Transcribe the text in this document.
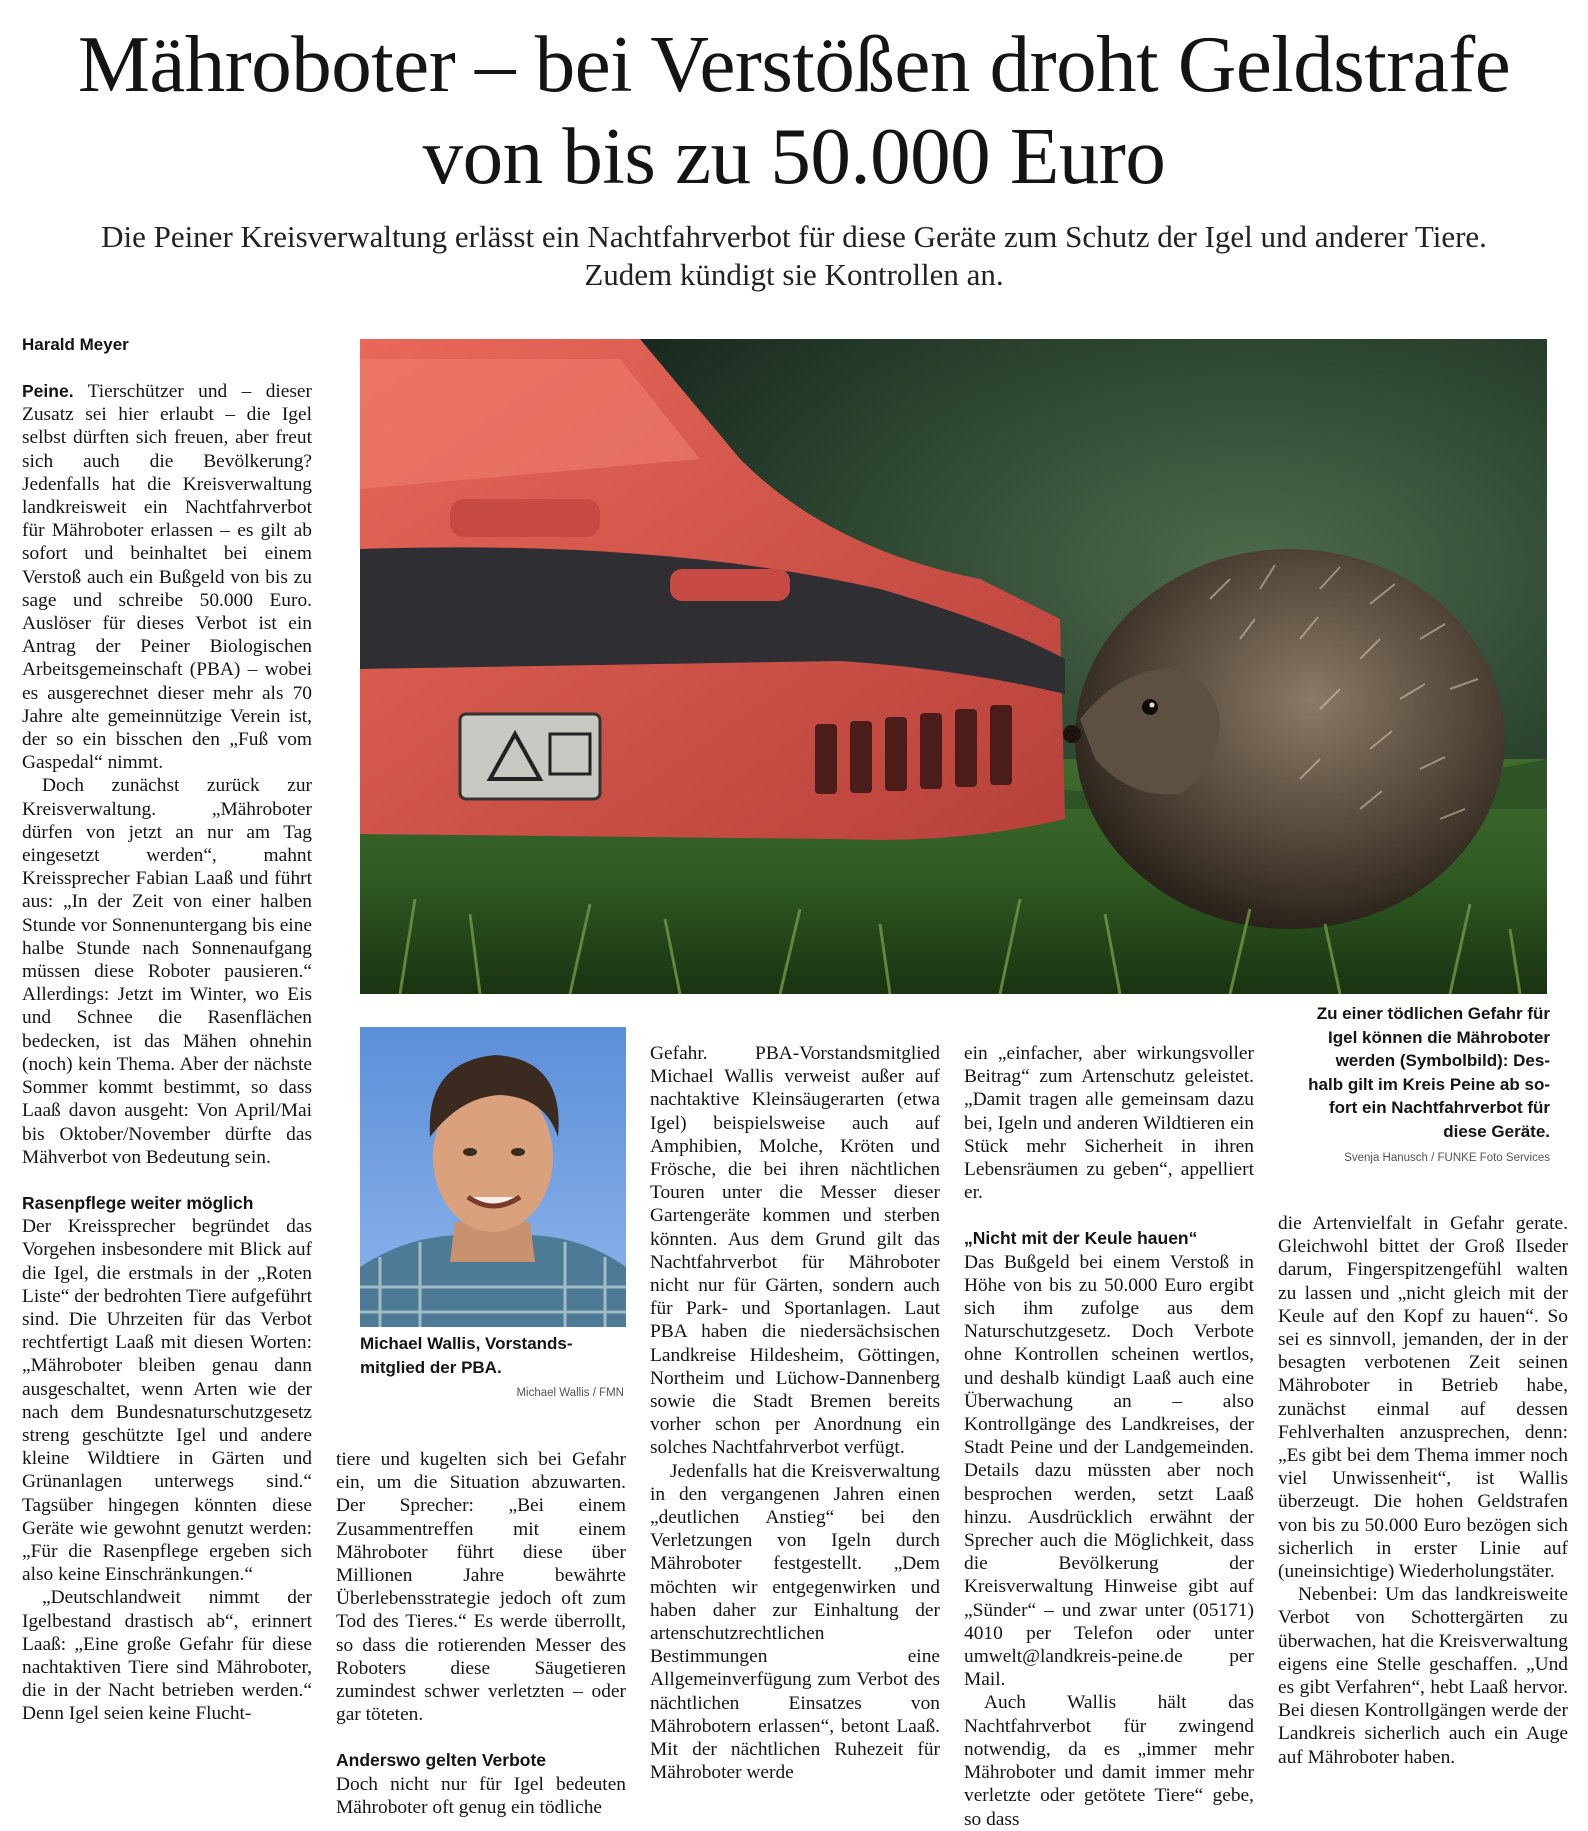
Mähroboter – bei Verstößen droht Geldstrafe
von bis zu 50.000 Euro

Die Peiner Kreisverwaltung erlässt ein Nachtfahrverbot für diese Geräte zum Schutz der Igel und anderer Tiere.
Zudem kündigt sie Kontrollen an.

Harald Meyer
Zu einer tödlichen Gefahr für
Igel können die Mähroboter
werden (Symbolbild): Des-
halb gilt im Kreis Peine ab so-
fort ein Nachtfahrverbot für
diese Geräte.
Svenja Hanusch / FUNKE Foto Services
Michael Wallis, Vorstands-
mitglied der PBA.
Michael Wallis / FMN

Peine. Tierschützer und – dieser Zusatz sei hier erlaubt – die Igel selbst dürften sich freuen, aber freut sich auch die Bevölkerung? Jedenfalls hat die Kreisverwaltung landkreisweit ein Nachtfahrverbot für Mähroboter erlassen – es gilt ab sofort und beinhaltet bei einem Verstoß auch ein Bußgeld von bis zu sage und schreibe 50.000 Euro. Auslöser für dieses Verbot ist ein Antrag der Peiner Biologischen Arbeitsgemeinschaft (PBA) – wobei es ausgerechnet dieser mehr als 70 Jahre alte gemeinnützige Verein ist, der so ein bisschen den „Fuß vom Gaspedal“ nimmt.

Doch zunächst zurück zur Kreisverwaltung. „Mähroboter dürfen von jetzt an nur am Tag eingesetzt werden“, mahnt Kreissprecher Fabian Laaß und führt aus: „In der Zeit von einer halben Stunde vor Sonnenuntergang bis eine halbe Stunde nach Sonnenaufgang müssen diese Roboter pausieren.“ Allerdings: Jetzt im Winter, wo Eis und Schnee die Rasenflächen bedecken, ist das Mähen ohnehin (noch) kein Thema. Aber der nächste Sommer kommt bestimmt, so dass Laaß davon ausgeht: Von April/Mai bis Oktober/November dürfte das Mähverbot von Bedeutung sein.

Rasenpflege weiter möglich

Der Kreissprecher begründet das Vorgehen insbesondere mit Blick auf die Igel, die erstmals in der „Roten Liste“ der bedrohten Tiere aufgeführt sind. Die Uhrzeiten für das Verbot rechtfertigt Laaß mit diesen Worten: „Mähroboter bleiben genau dann ausgeschaltet, wenn Arten wie der nach dem Bundesnaturschutzgesetz streng geschützte Igel und andere kleine Wildtiere in Gärten und Grünanlagen unterwegs sind.“ Tagsüber hingegen könnten diese Geräte wie gewohnt genutzt werden: „Für die Rasenpflege ergeben sich also keine Einschränkungen.“

„Deutschlandweit nimmt der Igelbestand drastisch ab“, erinnert Laaß: „Eine große Gefahr für diese nachtaktiven Tiere sind Mähroboter, die in der Nacht betrieben werden.“ Denn Igel seien keine Flucht-

tiere und kugelten sich bei Gefahr ein, um die Situation abzuwarten. Der Sprecher: „Bei einem Zusammentreffen mit einem Mähroboter führt diese über Millionen Jahre bewährte Überlebensstrategie jedoch oft zum Tod des Tieres.“ Es werde überrollt, so dass die rotierenden Messer des Roboters diese Säugetieren zumindest schwer verletzten – oder gar töteten.

Anderswo gelten Verbote

Doch nicht nur für Igel bedeuten Mähroboter oft genug ein tödliche

Gefahr. PBA-Vorstandsmitglied Michael Wallis verweist außer auf nachtaktive Kleinsäugerarten (etwa Igel) beispielsweise auch auf Amphibien, Molche, Kröten und Frösche, die bei ihren nächtlichen Touren unter die Messer dieser Gartengeräte kommen und sterben könnten. Aus dem Grund gilt das Nachtfahrverbot für Mähroboter nicht nur für Gärten, sondern auch für Park- und Sportanlagen. Laut PBA haben die niedersächsischen Landkreise Hildesheim, Göttingen, Northeim und Lüchow-Dannenberg sowie die Stadt Bremen bereits vorher schon per Anordnung ein solches Nachtfahrverbot verfügt.

Jedenfalls hat die Kreisverwaltung in den vergangenen Jahren einen „deutlichen Anstieg“ bei den Verletzungen von Igeln durch Mähroboter festgestellt. „Dem möchten wir entgegenwirken und haben daher zur Einhaltung der artenschutzrechtlichen Bestimmungen eine Allgemeinverfügung zum Verbot des nächtlichen Einsatzes von Mährobotern erlassen“, betont Laaß. Mit der nächtlichen Ruhezeit für Mähroboter werde

ein „einfacher, aber wirkungsvoller Beitrag“ zum Artenschutz geleistet. „Damit tragen alle gemeinsam dazu bei, Igeln und anderen Wildtieren ein Stück mehr Sicherheit in ihren Lebensräumen zu geben“, appelliert er.

„Nicht mit der Keule hauen“

Das Bußgeld bei einem Verstoß in Höhe von bis zu 50.000 Euro ergibt sich ihm zufolge aus dem Naturschutzgesetz. Doch Verbote ohne Kontrollen scheinen wertlos, und deshalb kündigt Laaß auch eine Überwachung an – also Kontrollgänge des Landkreises, der Stadt Peine und der Landgemeinden. Details dazu müssten aber noch besprochen werden, setzt Laaß hinzu. Ausdrücklich erwähnt der Sprecher auch die Möglichkeit, dass die Bevölkerung der Kreisverwaltung Hinweise gibt auf „Sünder“ – und zwar unter (05171) 4010 per Telefon oder unter umwelt@landkreis-peine.de per Mail.

Auch Wallis hält das Nachtfahrverbot für zwingend notwendig, da es „immer mehr Mähroboter und damit immer mehr verletzte oder getötete Tiere“ gebe, so dass

die Artenvielfalt in Gefahr gerate. Gleichwohl bittet der Groß Ilseder darum, Fingerspitzengefühl walten zu lassen und „nicht gleich mit der Keule auf den Kopf zu hauen“. So sei es sinnvoll, jemanden, der in der besagten verbotenen Zeit seinen Mähroboter in Betrieb habe, zunächst einmal auf dessen Fehlverhalten anzusprechen, denn: „Es gibt bei dem Thema immer noch viel Unwissenheit“, ist Wallis überzeugt. Die hohen Geldstrafen von bis zu 50.000 Euro bezögen sich sicherlich in erster Linie auf (uneinsichtige) Wiederholungstäter.

Nebenbei: Um das landkreisweite Verbot von Schottergärten zu überwachen, hat die Kreisverwaltung eigens eine Stelle geschaffen. „Und es gibt Verfahren“, hebt Laaß hervor. Bei diesen Kontrollgängen werde der Landkreis sicherlich auch ein Auge auf Mähroboter haben.
